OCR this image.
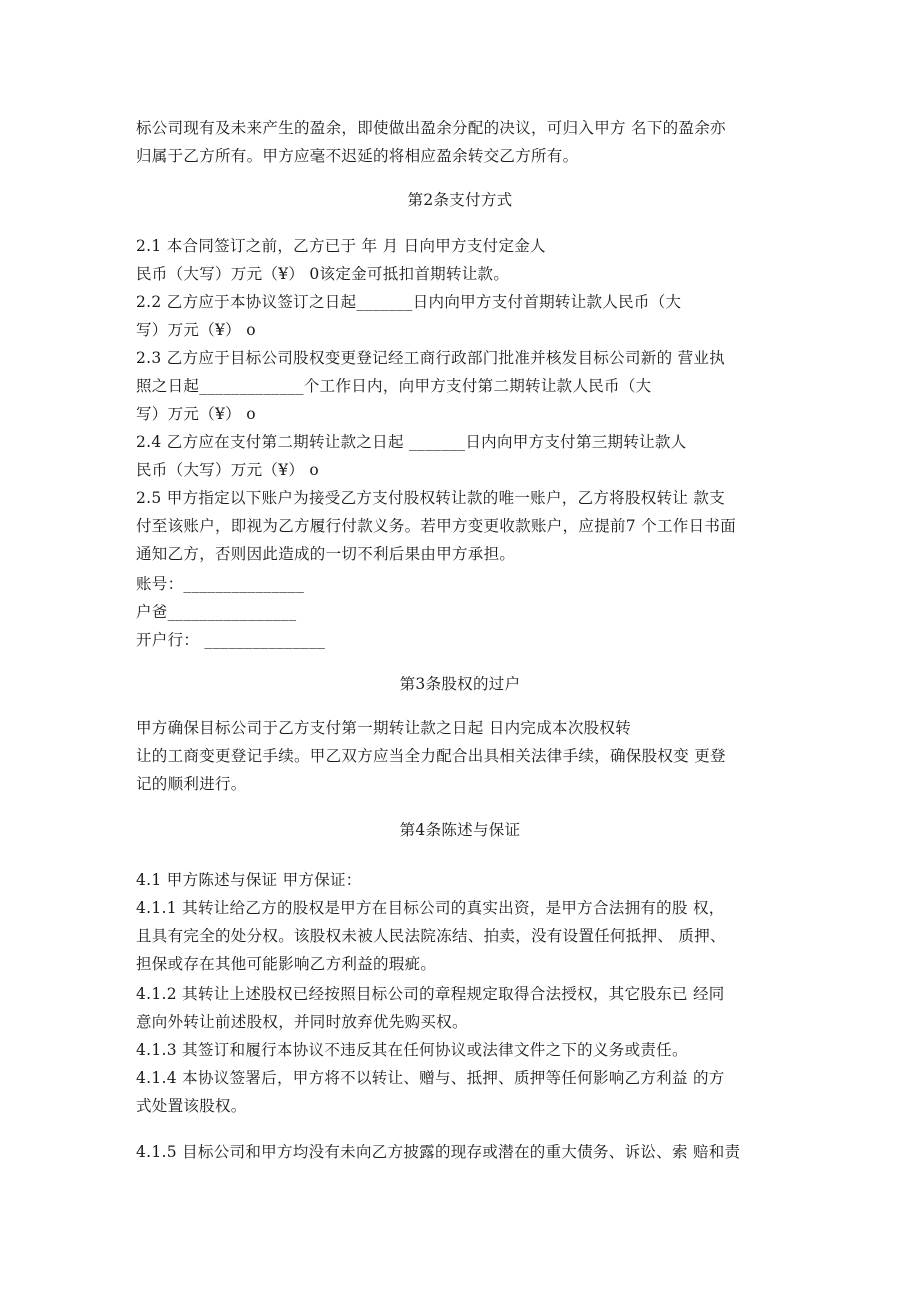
标公司现有及未来产生的盈余，即使做出盈余分配的决议，可归入甲方 名下的盈余亦
归属于乙方所有。甲方应毫不迟延的将相应盈余转交乙方所有。
第2条支付方式
2.1 本合同签订之前，乙方已于 年 月 日向甲方支付定金人
民币（大写）万元（¥） 0该定金可抵扣首期转让款。
2.2 乙方应于本协议签订之日起_______日内向甲方支付首期转让款人民币（大
写）万元（¥） o
2.3 乙方应于目标公司股权变更登记经工商行政部门批准并核发目标公司新的 营业执
照之日起_____________个工作日内，向甲方支付第二期转让款人民币（大
写）万元（¥） o
2.4 乙方应在支付第二期转让款之日起 _______日内向甲方支付第三期转让款人
民币（大写）万元（¥） o
2.5 甲方指定以下账户为接受乙方支付股权转让款的唯一账户，乙方将股权转让 款支
付至该账户，即视为乙方履行付款义务。若甲方变更收款账户，应提前7 个工作日书面
通知乙方，否则因此造成的一切不利后果由甲方承担。
账号：_______________
户爸________________
开户行： _______________
第3条股权的过户
甲方确保目标公司于乙方支付第一期转让款之日起 日内完成本次股权转
让的工商变更登记手续。甲乙双方应当全力配合出具相关法律手续，确保股权变 更登
记的顺利进行。
第4条陈述与保证
4.1 甲方陈述与保证 甲方保证：
4.1.1 其转让给乙方的股权是甲方在目标公司的真实出资，是甲方合法拥有的股 权，
且具有完全的处分权。该股权未被人民法院冻结、拍卖，没有设置任何抵押、 质押、
担保或存在其他可能影响乙方利益的瑕疵。
4.1.2 其转让上述股权已经按照目标公司的章程规定取得合法授权，其它股东已 经同
意向外转让前述股权，并同时放弃优先购买权。
4.1.3 其签订和履行本协议不违反其在任何协议或法律文件之下的义务或责任。
4.1.4 本协议签署后，甲方将不以转让、赠与、抵押、质押等任何影响乙方利益 的方
式处置该股权。
4.1.5 目标公司和甲方均没有未向乙方披露的现存或潜在的重大债务、诉讼、索 赔和责
